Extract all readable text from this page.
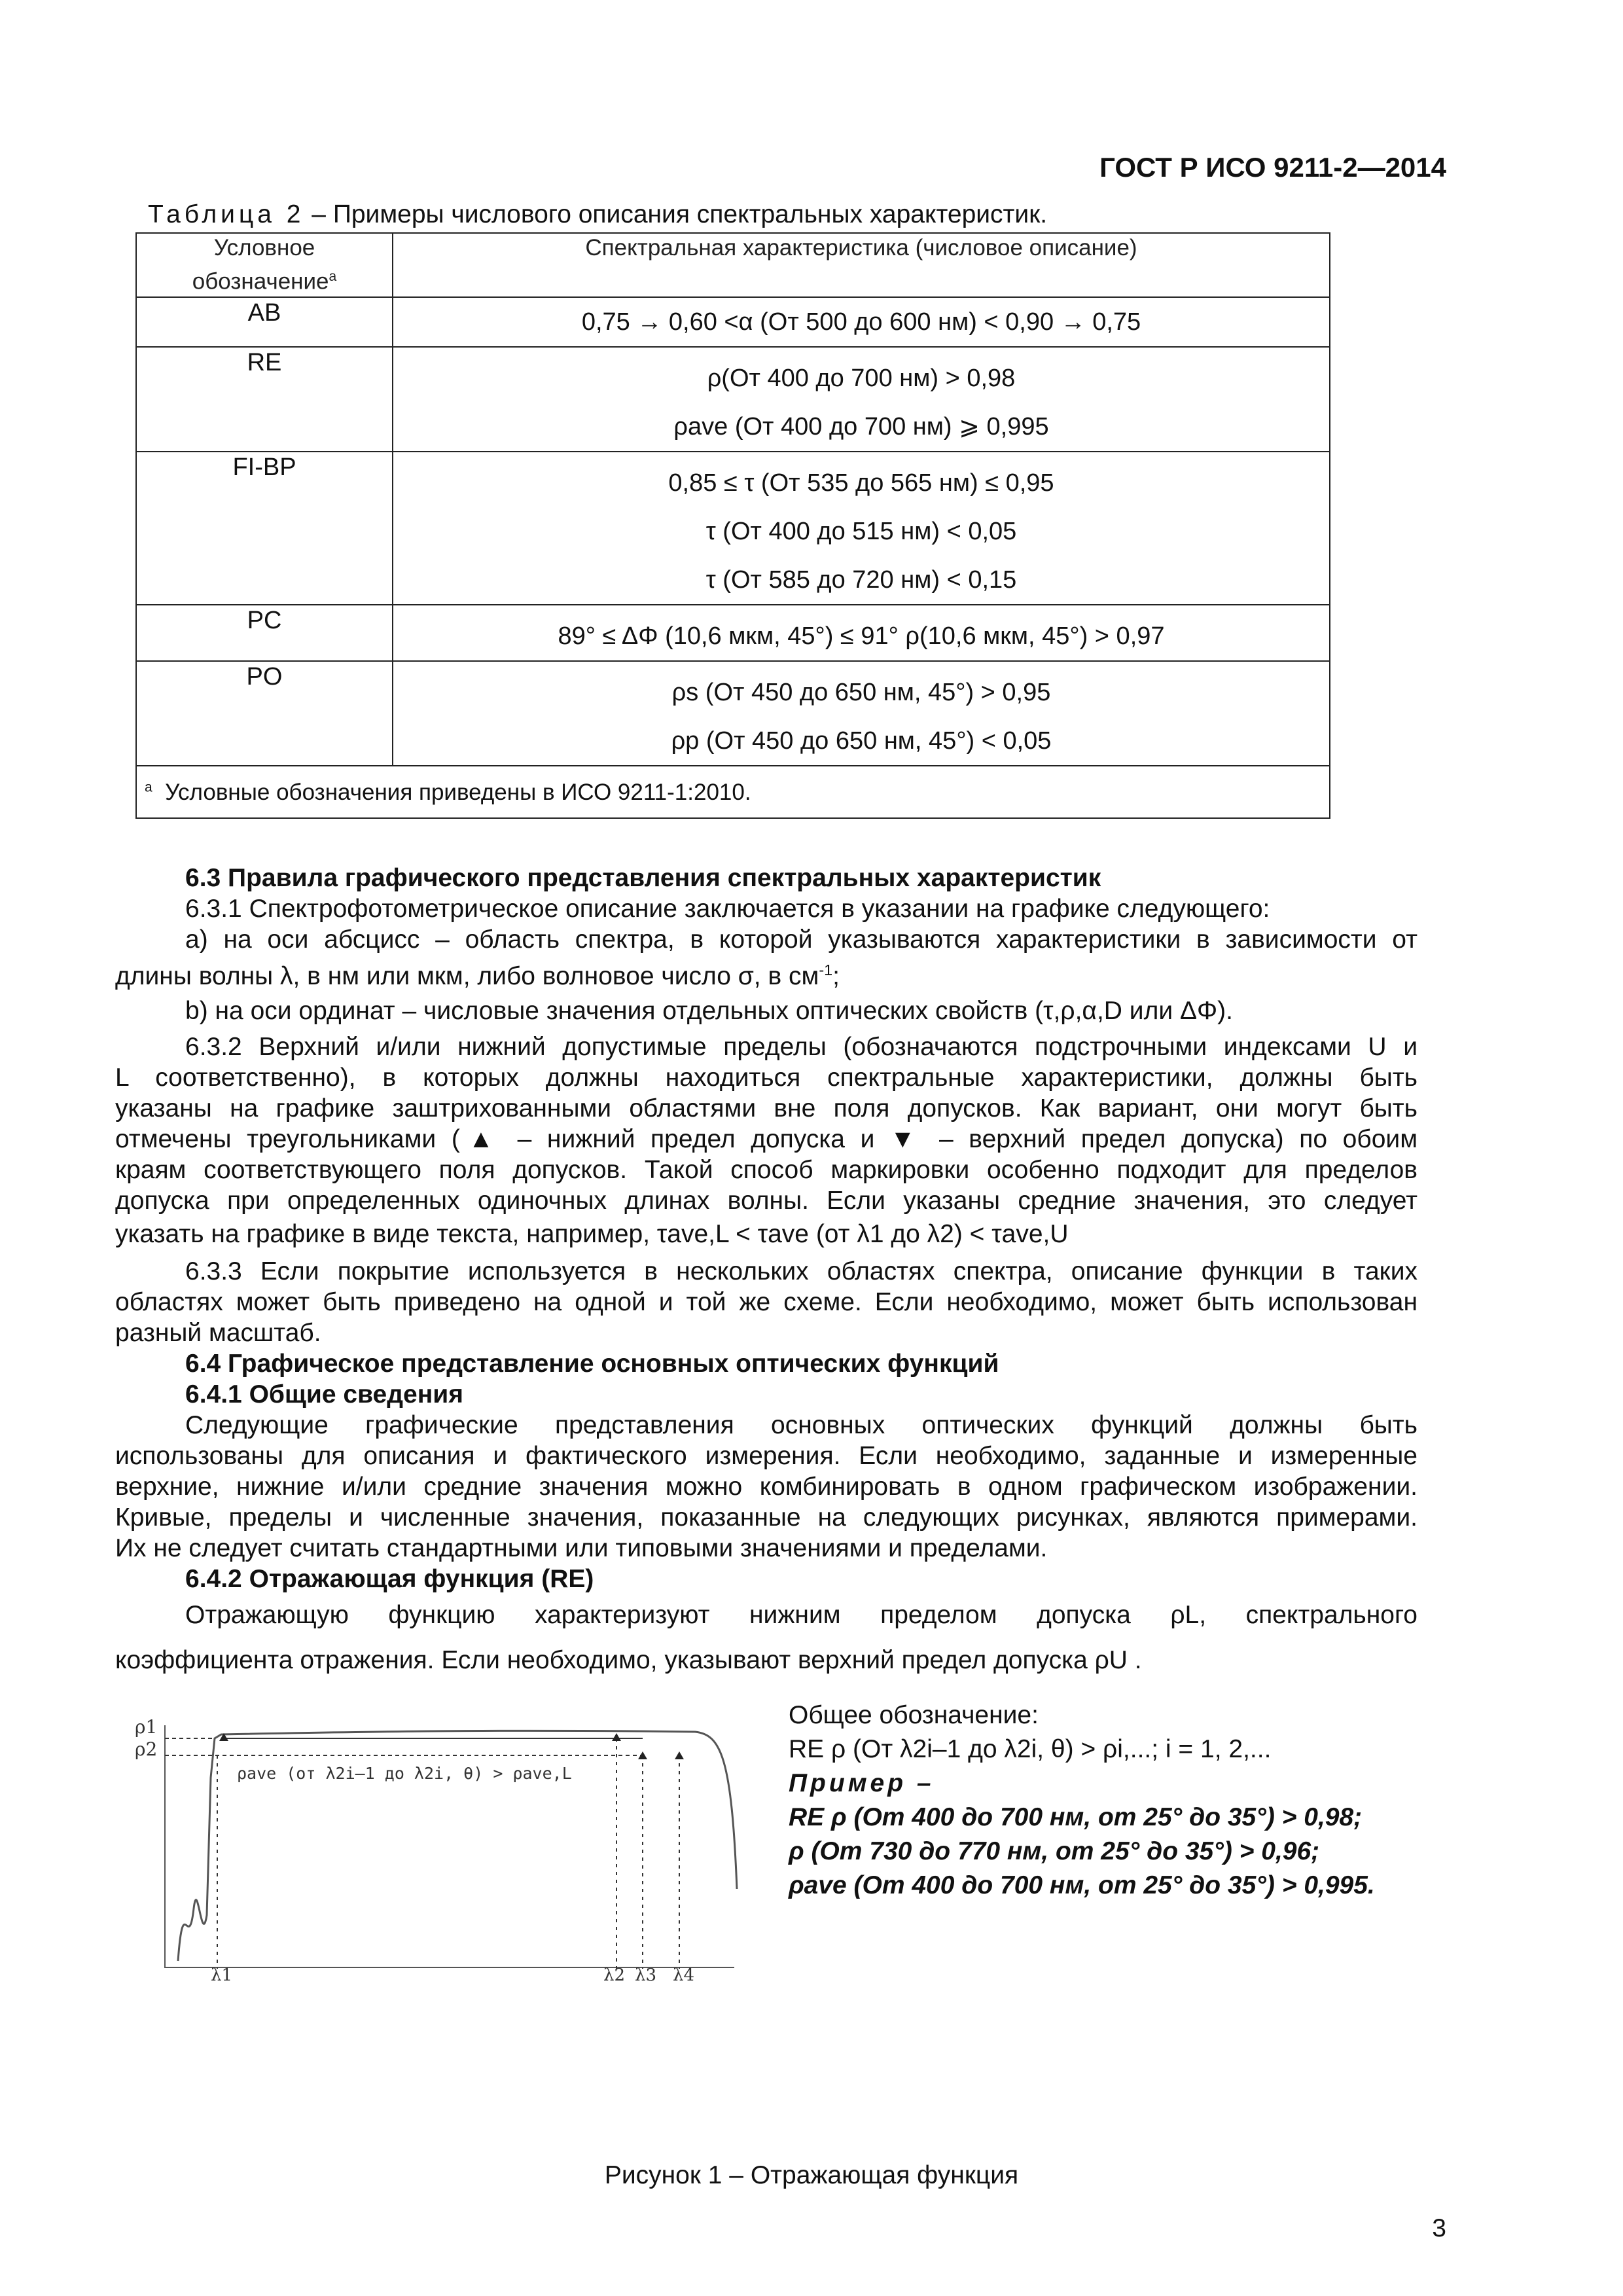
ГОСТ Р ИСО 9211-2—2014
Таблица 2 – Примеры числового описания спектральных характеристик.
Условное
обозначение$^a$	Спектральная характеристика (числовое описание)
AB	0,75 → 0,60 <α (От 500 до 600 нм) < 0,90 → 0,75

RE	ρ(От 400 до 700 нм) > 0,98
ρave (От 400 до 700 нм) ⩾ 0,995

FI-BP	0,85 ≤ τ (От 535 до 565 нм) ≤ 0,95
τ (От 400 до 515 нм) < 0,05
τ (От 585 до 720 нм) < 0,15

PC	89° ≤ ΔΦ (10,6 мкм, 45°) ≤ 91° ρ(10,6 мкм, 45°) > 0,97

PO	ρs (От 450 до 650 нм, 45°) > 0,95
ρp (От 450 до 650 нм, 45°) < 0,05

$^a$ Условные обозначения приведены в ИСО 9211-1:2010.	
6.3 Правила графического представления спектральных характеристик
6.3.1 Спектрофотометрическое описание заключается в указании на графике следующего:
а) на оси абсцисс – область спектра, в которой указываются характеристики в зависимости от
длины волны λ, в нм или мкм, либо волновое число σ, в $см^{-1}$;
b) на оси ординат – числовые значения отдельных оптических свойств (τ,ρ,α,D или ΔΦ).
6.3.2 Верхний и/или нижний допустимые пределы (обозначаются подстрочными индексами U и
L соответственно), в которых должны находиться спектральные характеристики, должны быть
указаны на графике заштрихованными областями вне поля допусков. Как вариант, они могут быть
отмечены треугольниками (▲ – нижний предел допуска и ▼ – верхний предел допуска) по обоим
краям соответствующего поля допусков. Такой способ маркировки особенно подходит для пределов
допуска при определенных одиночных длинах волны. Если указаны средние значения, это следует
указать на графике в виде текста, например, τave,L < τave (от λ1 до λ2) < τave,U
6.3.3 Если покрытие используется в нескольких областях спектра, описание функции в таких
областях может быть приведено на одной и той же схеме. Если необходимо, может быть использован
разный масштаб.
6.4 Графическое представление основных оптических функций
6.4.1 Общие сведения
Следующие графические представления основных оптических функций должны быть
использованы для описания и фактического измерения. Если необходимо, заданные и измеренные
верхние, нижние и/или средние значения можно комбинировать в одном графическом изображении.
Кривые, пределы и численные значения, показанные на следующих рисунках, являются примерами.
Их не следует считать стандартными или типовыми значениями и пределами.
6.4.2 Отражающая функция (RE)
Отражающую функцию характеризуют нижним пределом допуска ρL, спектрального
коэффициента отражения. Если необходимо, указывают верхний предел допуска ρU .
ρ1
ρ2
ρave (от λ2i–1 до λ2i, θ) > ρave,L
λ1	λ2 λ3 λ4
Общее обозначение:
RE ρ (От λ2i–1 до λ2i, θ) > ρi,...; i = 1, 2,...
Пример –
RE ρ (От 400 до 700 нм, от 25° до 35°) > 0,98;
ρ (От 730 до 770 нм, от 25° до 35°) > 0,96;
ρave (От 400 до 700 нм, от 25° до 35°) > 0,995.
Рисунок 1 – Отражающая функция
3
